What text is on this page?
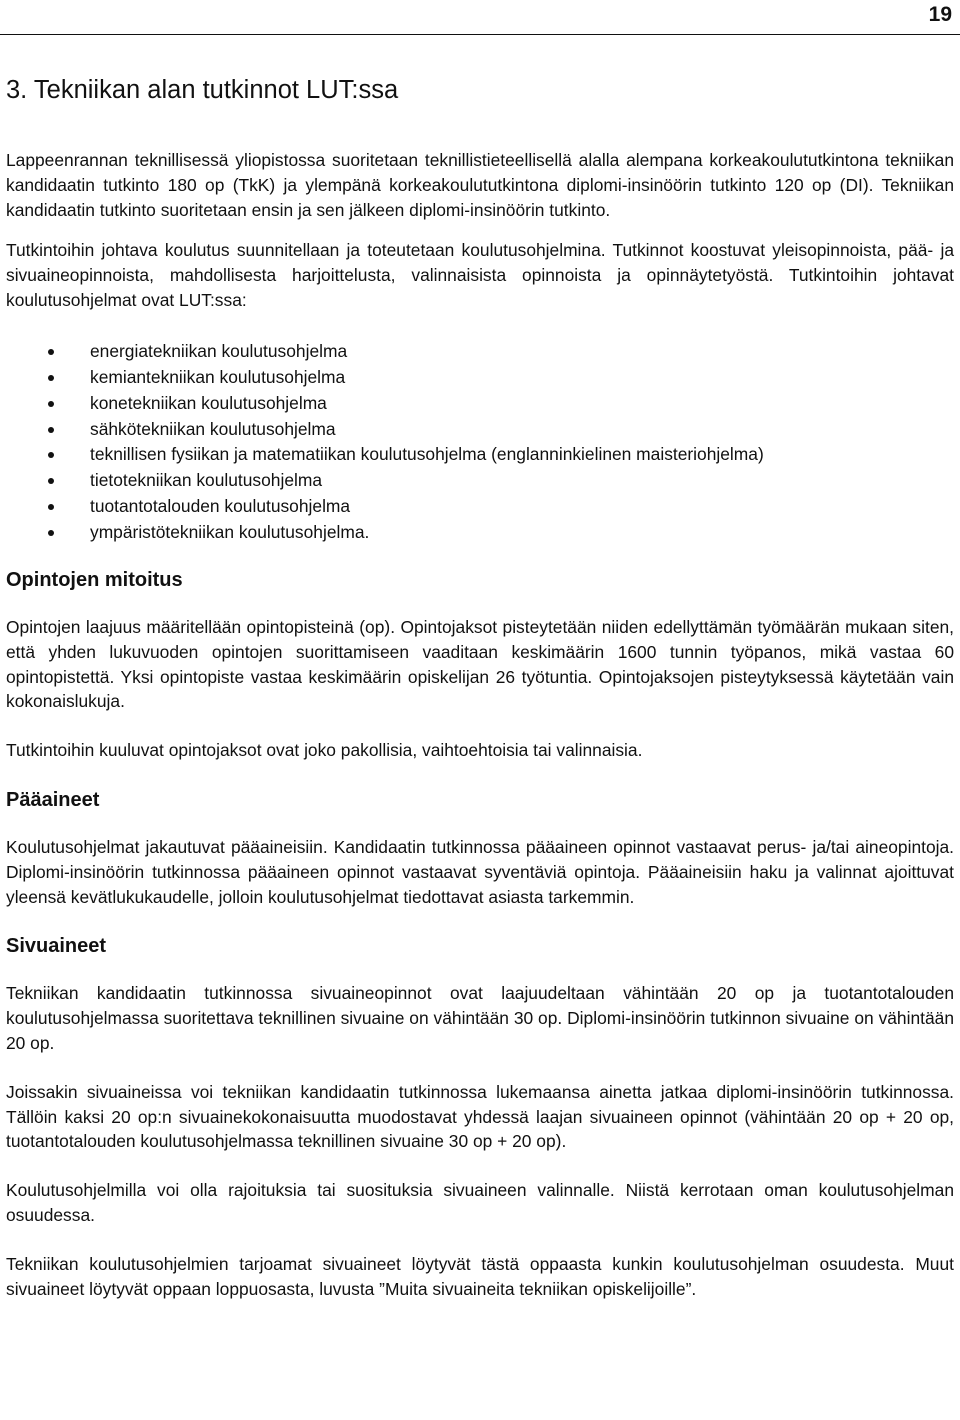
19
3. Tekniikan alan tutkinnot LUT:ssa

Lappeenrannan teknillisessä yliopistossa suoritetaan teknillistieteellisellä alalla alempana korkeakoulututkintona tekniikan kandidaatin tutkinto 180 op (TkK) ja ylempänä korkeakoulututkintona diplomi-insinöörin tutkinto 120 op (DI). Tekniikan kandidaatin tutkinto suoritetaan ensin ja sen jälkeen diplomi-insinöörin tutkinto.

Tutkintoihin johtava koulutus suunnitellaan ja toteutetaan koulutusohjelmina. Tutkinnot koostuvat yleisopinnoista, pää- ja sivuaineopinnoista, mahdollisesta harjoittelusta, valinnaisista opinnoista ja opinnäytetyöstä. Tutkintoihin johtavat koulutusohjelmat ovat LUT:ssa:

energiatekniikan koulutusohjelma
kemiantekniikan koulutusohjelma
konetekniikan koulutusohjelma
sähkötekniikan koulutusohjelma
teknillisen fysiikan ja matematiikan koulutusohjelma (englanninkielinen maisteriohjelma)
tietotekniikan koulutusohjelma
tuotantotalouden koulutusohjelma
ympäristötekniikan koulutusohjelma.
Opintojen mitoitus

Opintojen laajuus määritellään opintopisteinä (op). Opintojaksot pisteytetään niiden edellyttämän työmäärän mukaan siten, että yhden lukuvuoden opintojen suorittamiseen vaaditaan keskimäärin 1600 tunnin työpanos, mikä vastaa 60 opintopistettä. Yksi opintopiste vastaa keskimäärin opiskelijan 26 työtuntia. Opintojaksojen pisteytyksessä käytetään vain kokonaislukuja.

Tutkintoihin kuuluvat opintojaksot ovat joko pakollisia, vaihtoehtoisia tai valinnaisia.

Pääaineet

Koulutusohjelmat jakautuvat pääaineisiin. Kandidaatin tutkinnossa pääaineen opinnot vastaavat perus- ja/tai aineopintoja. Diplomi-insinöörin tutkinnossa pääaineen opinnot vastaavat syventäviä opintoja. Pääaineisiin haku ja valinnat ajoittuvat yleensä kevätlukukaudelle, jolloin koulutusohjelmat tiedottavat asiasta tarkemmin.

Sivuaineet

Tekniikan kandidaatin tutkinnossa sivuaineopinnot ovat laajuudeltaan vähintään 20 op ja tuotantotalouden koulutusohjelmassa suoritettava teknillinen sivuaine on vähintään 30 op. Diplomi-insinöörin tutkinnon sivuaine on vähintään 20 op.

Joissakin sivuaineissa voi tekniikan kandidaatin tutkinnossa lukemaansa ainetta jatkaa diplomi-insinöörin tutkinnossa. Tällöin kaksi 20 op:n sivuainekokonaisuutta muodostavat yhdessä laajan sivuaineen opinnot (vähintään 20 op + 20 op, tuotantotalouden koulutusohjelmassa teknillinen sivuaine 30 op + 20 op).

Koulutusohjelmilla voi olla rajoituksia tai suosituksia sivuaineen valinnalle. Niistä kerrotaan oman koulutusohjelman osuudessa.

Tekniikan koulutusohjelmien tarjoamat sivuaineet löytyvät tästä oppaasta kunkin koulutusohjelman osuudesta. Muut sivuaineet löytyvät oppaan loppuosasta, luvusta ”Muita sivuaineita tekniikan opiskelijoille”.
